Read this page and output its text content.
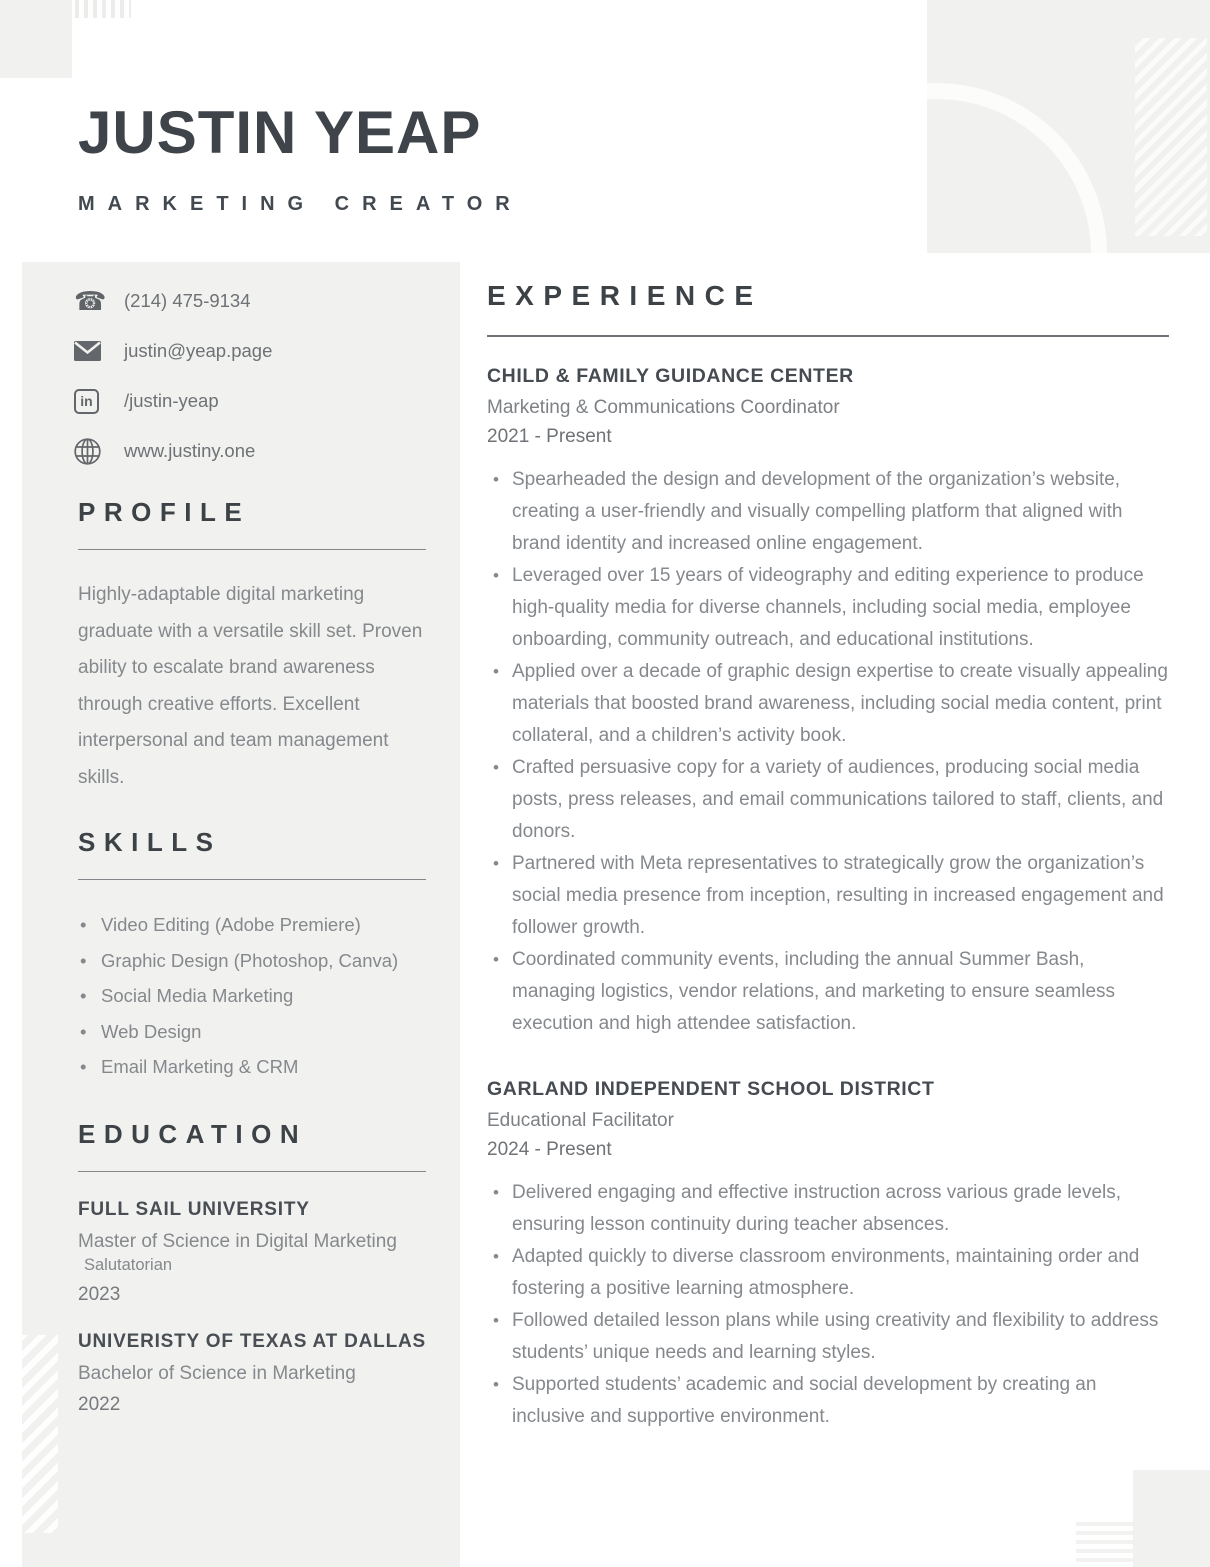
JUSTIN YEAP
MARKETING CREATOR
☎ (214) 475-9134
justin@yeap.page
in	/justin-yeap
www.justiny.one
PROFILE

Highly-adaptable digital marketing graduate with a versatile skill set. Proven ability to escalate brand awareness through creative efforts. Excellent interpersonal and team management skills.

SKILLS
• Video Editing (Adobe Premiere)
• Graphic Design (Photoshop, Canva)
• Social Media Marketing
• Web Design
• Email Marketing & CRM
EDUCATION
FULL SAIL UNIVERSITY
Master of Science in Digital Marketing
Salutatorian
2023
UNIVERISTY OF TEXAS AT DALLAS
Bachelor of Science in Marketing
2022
EXPERIENCE
CHILD & FAMILY GUIDANCE CENTER
Marketing & Communications Coordinator
2021 - Present
• Spearheaded the design and development of the organization’s website, creating a user-friendly and visually compelling platform that aligned with brand identity and increased online engagement.
• Leveraged over 15 years of videography and editing experience to produce high-quality media for diverse channels, including social media, employee onboarding, community outreach, and educational institutions.
• Applied over a decade of graphic design expertise to create visually appealing materials that boosted brand awareness, including social media content, print collateral, and a children’s activity book.
• Crafted persuasive copy for a variety of audiences, producing social media posts, press releases, and email communications tailored to staff, clients, and donors.
• Partnered with Meta representatives to strategically grow the organization’s social media presence from inception, resulting in increased engagement and follower growth.
• Coordinated community events, including the annual Summer Bash, managing logistics, vendor relations, and marketing to ensure seamless execution and high attendee satisfaction.
GARLAND INDEPENDENT SCHOOL DISTRICT
Educational Facilitator
2024 - Present
• Delivered engaging and effective instruction across various grade levels, ensuring lesson continuity during teacher absences.
• Adapted quickly to diverse classroom environments, maintaining order and fostering a positive learning atmosphere.
• Followed detailed lesson plans while using creativity and flexibility to address students’ unique needs and learning styles.
• Supported students’ academic and social development by creating an inclusive and supportive environment.
